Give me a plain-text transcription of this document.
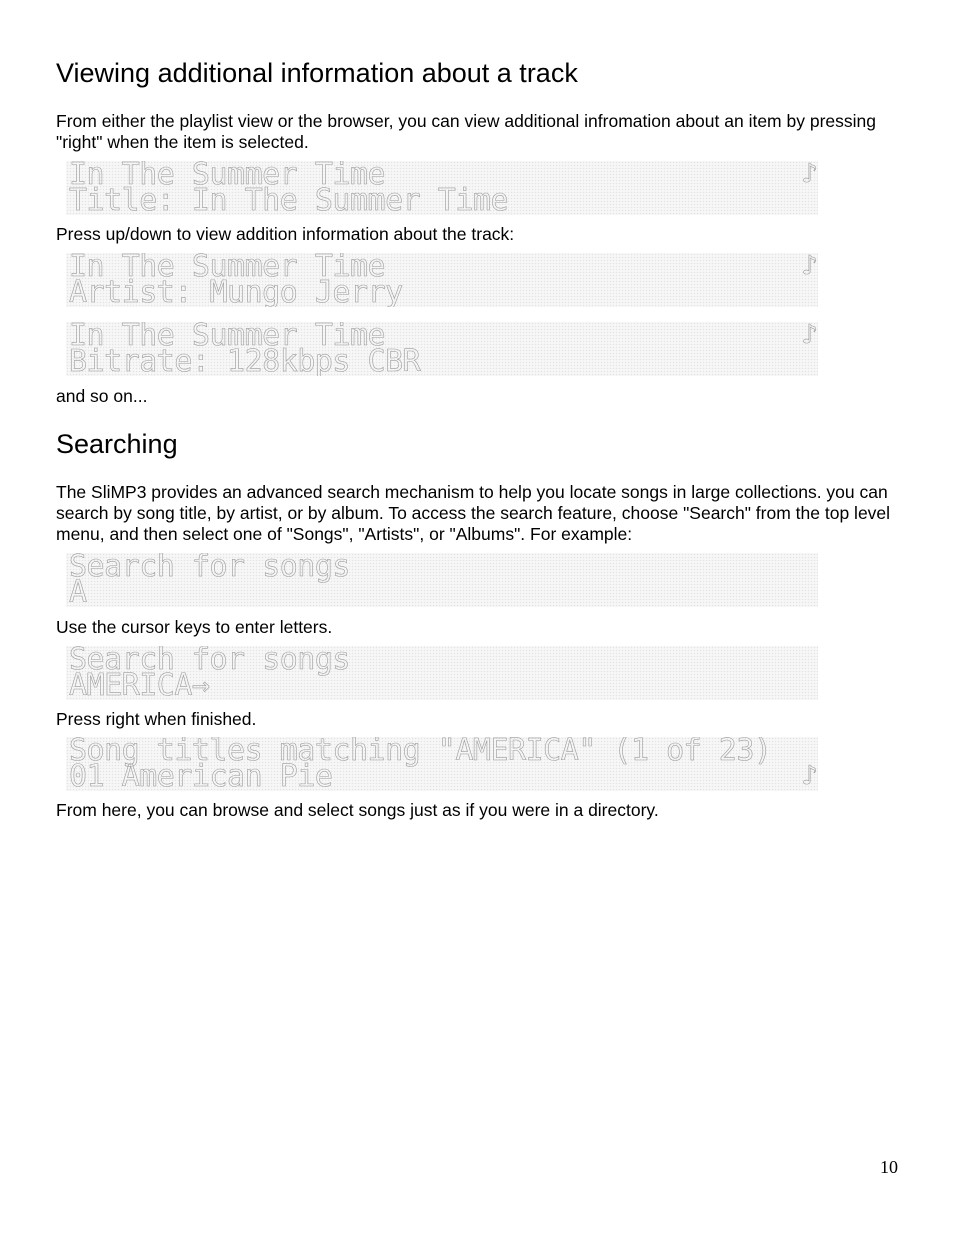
Viewing additional information about a track

From either the playlist view or the browser, you can view additional infromation about an item by pressing "right" when the item is selected.

In The Summer Time
Title: In The Summer Time
♪

Press up/down to view addition information about the track:

In The Summer Time
Artist: Mungo Jerry
♪
In The Summer Time
Bitrate: 128kbps CBR
♪

and so on...

Searching

The SliMP3 provides an advanced search mechanism to help you locate songs in large collections. you can search by song title, by artist, or by album. To access the search feature, choose "Search" from the top level menu, and then select one of "Songs", "Artists", or "Albums". For example:

Search for songs
A

Use the cursor keys to enter letters.

Search for songs
AMERICA→

Press right when finished.

Song titles matching "AMERICA" (1 of 23)
01 American Pie	♪

From here, you can browse and select songs just as if you were in a directory.

10
